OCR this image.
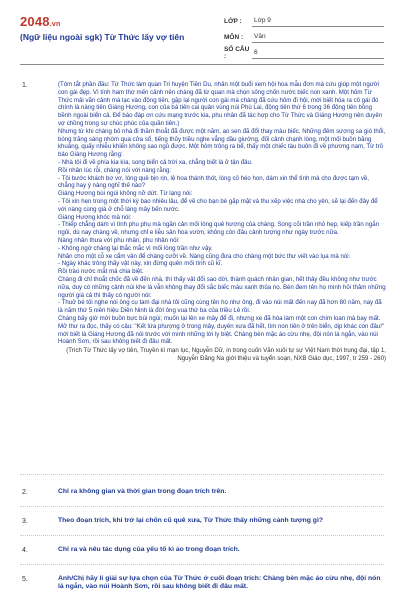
2048.vn
(Ngữ liệu ngoài sgk) Từ Thức lấy vợ tiên
LỚP :	Lớp 9
MÔN :	Văn
SỐ CÂU :
6
1.	(Tóm tắt phần đầu: Từ Thức làm quan Tri huyện Tiên Du, nhân một buổi xem hội hoa mẫu đơn mà cứu giúp một người con gái đẹp. Vì tính ham thơ mến cảnh nên chàng đã từ quan mà chọn sống chốn nước biếc non xanh. Một hôm Từ Thức mải vãn cảnh mà lạc vào động tiên, gặp lại người con gái mà chàng đã cứu hôm đi hội, mới biết hóa ra cô gái đó chính là nàng tiên Giáng Hương, con của bà tiên cai quản vùng núi Phù Lai, động tiên thứ 6 trong 36 động tiên bồng bềnh ngoài biển cả. Để báo đáp ơn cứu mạng trước kia, phu nhân đã tác hợp cho Từ Thức và Giáng Hương nên duyên vợ chồng trong sự chúc phúc của quần tiên.)

Nhưng từ khi chàng bỏ nhà đi thăm thoắt đã được một năm, ao sen đã đổi thay màu biếc. Những đêm sương sa gió thổi, bóng trăng sáng nhòm qua cửa sổ, tiếng thủy triều nghe vẳng dầu giường, đối cảnh chạnh lòng, một mối buồn băng khuâng, quấy nhiễu khiến không sao ngủ được. Một hôm trông ra bể, thấy một chiếc tàu buôn đi về phương nam, Từ trỏ bảo Giáng Hương rằng:

- Nhà tôi đi về phía kia kìa, song biển cả trời xa, chẳng biết là ở tận đâu.

Rồi nhân lúc rỗi, chàng nói với nàng rằng:

- Tôi bước khách bơ vơ, lòng quê bịn rịn, lệ hoa thánh thót, lòng cỏ héo hon, dám xin thể tình mà cho được tạm về, chẳng hay ý nàng nghĩ thế nào?

Giáng Hương bùi ngùi không nỡ dứt. Từ lạng nói:

- Tôi xin hẹn trong một thời kỳ bao nhiêu lâu, để về cho bạn bè gặp mặt và thu xếp việc nhà cho yên, sẽ lại đến đây để với nàng cùng già ở chỗ làng mây bến nước.

Giáng Hương khóc mà nói:

- Thiếp chẳng dám vì tình phu phụ mà ngăn cản mối lòng quê hương của chàng. Song cõi trần nhỏ hẹp, kiếp trần ngắn ngủi, dù nay chàng về, nhưng chỉ e liễu sân hoa vườn, không còn đâu cảnh tượng như ngày trước nữa.

Nàng nhân thưa với phu nhân, phu nhân nói:

- Không ngờ chàng lại thắc mắc vì mối lòng trần như vậy.

Nhân cho một cỗ xe cẩm vân để chàng cưỡi về. Nàng cũng đưa cho chàng một bức thư viết vào lụa mà nói:

- Ngày khác trông thấy vật này, xin đừng quên mối tình cũ kĩ.

Rồi trào nước mắt mà chia biệt.

Chàng đi chỉ thoắt chốc đã về đến nhà, thì thấy vật đổi sao dời, thành quách nhân gian, hết thảy đều không như trước nữa, duy có những cảnh núi khe là vẫn không thay đổi sắc biếc màu xanh thủa nọ. Bèn đem tên họ mình hỏi thăm những người già cả thì thấy có người nói:

- Thuở bé tôi nghe nói ông cụ tam đại nhà tôi cũng cùng tên họ như ông, đi vào núi mất đến nay đã hơn 80 năm, nay đã là năm thứ 5 niên hiệu Diên Ninh là đời ông vua thứ ba của triều Lê rồi.

Chàng bấy giờ mới buồn bực bùi ngùi; muốn lại lên xe mây để đi, nhưng xe đã hóa làm một con chim loan mà bay mất. Mở thư ra đọc, thấy có câu: "Kết lứa phượng ở trong mây, duyên xưa đã hết, tìm non tiên ở trên biển, dịp khác còn đâu!" mới biết là Giáng Hương đã nói trước với mình những lời ly biệt. Chàng bèn mặc áo cừu nhẹ, đội nón lá ngắn, vào núi Hoành Sơn, rồi sau không biết đi đâu mất.

(Trích Từ Thức lấy vợ tiên, Truyền kì mạn lục, Nguyễn Dữ, in trong cuốn Văn xuôi tự sự Việt Nam thời trung đại, tập 1, Nguyễn Đăng Na giới thiệu và tuyển soạn, NXB Giáo dục, 1997, tr 259 - 260)

2.	Chỉ ra không gian và thời gian trong đoạn trích trên.
3.	Theo đoạn trích, khi trở lại chốn cũ quê xưa, Từ Thức thấy những cảnh tượng gì?
4.	Chỉ ra và nêu tác dụng của yếu tố kì ảo trong đoạn trích.
5.	Anh/Chị hãy lí giải sự lựa chọn của Từ Thức ở cuối đoạn trích: Chàng bèn mặc áo cừu nhẹ, đội nón lá ngắn, vào núi Hoành Sơn, rồi sau không biết đi đâu mất.
